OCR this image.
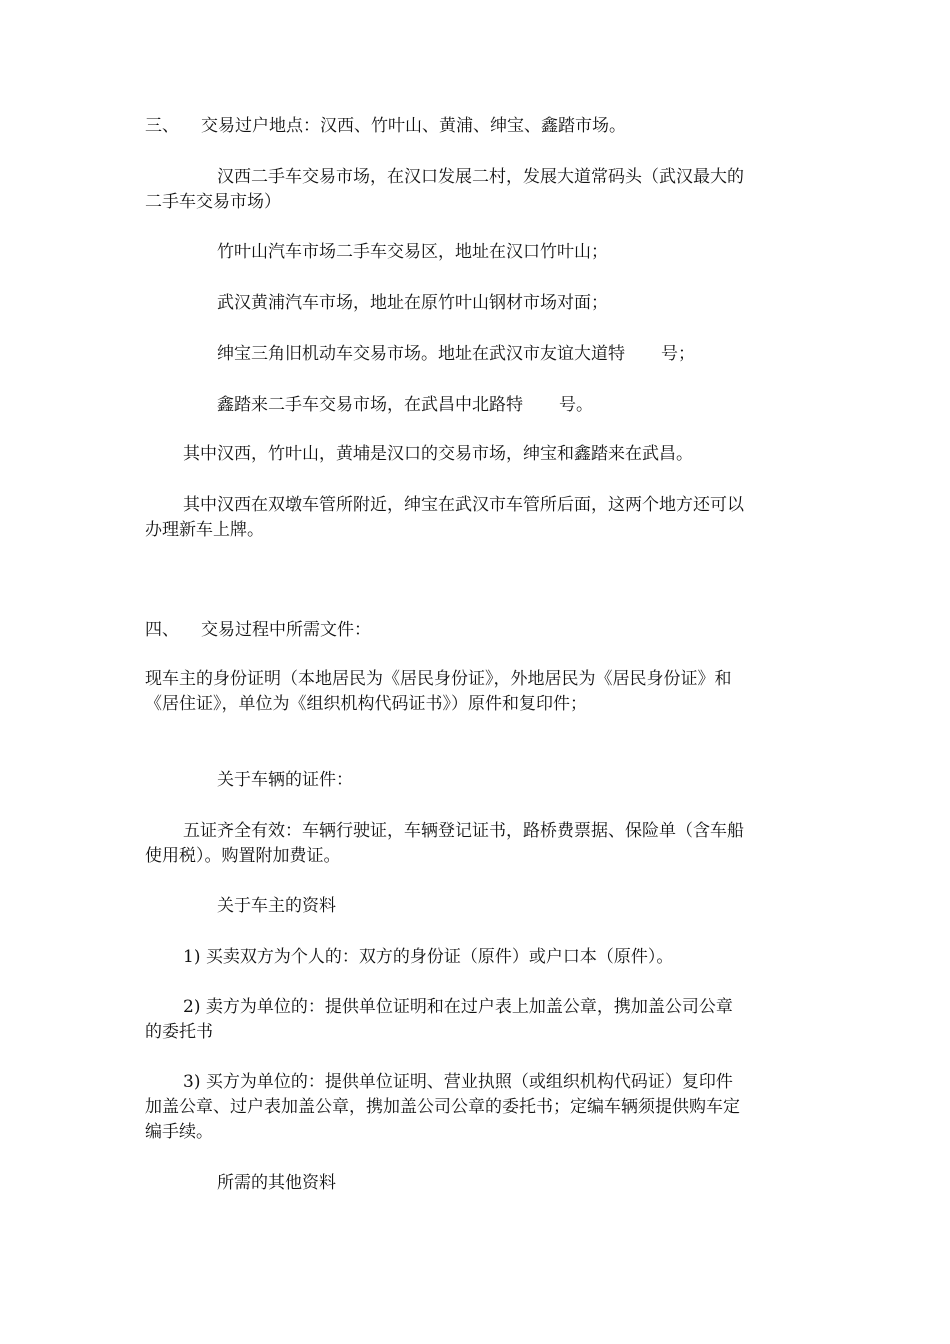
三、 交易过户地点：汉西、竹叶山、黄浦、绅宝、鑫踏市场。
汉西二手车交易市场，在汉口发展二村，发展大道常码头（武汉最大的
二手车交易市场）
竹叶山汽车市场二手车交易区，地址在汉口竹叶山；
武汉黄浦汽车市场，地址在原竹叶山钢材市场对面；
绅宝三角旧机动车交易市场。地址在武汉市友谊大道特 号；
鑫踏来二手车交易市场，在武昌中北路特 号。
其中汉西，竹叶山，黄埔是汉口的交易市场，绅宝和鑫踏来在武昌。
其中汉西在双墩车管所附近，绅宝在武汉市车管所后面，这两个地方还可以
办理新车上牌。
四、 交易过程中所需文件：
现车主的身份证明（本地居民为《居民身份证》，外地居民为《居民身份证》和
《居住证》，单位为《组织机构代码证书》）原件和复印件；
关于车辆的证件：
五证齐全有效：车辆行驶证，车辆登记证书，路桥费票据、保险单（含车船
使用税）。购置附加费证。
关于车主的资料
1) 买卖双方为个人的：双方的身份证（原件）或户口本（原件）。
2) 卖方为单位的：提供单位证明和在过户表上加盖公章，携加盖公司公章
的委托书
3) 买方为单位的：提供单位证明、营业执照（或组织机构代码证）复印件
加盖公章、过户表加盖公章，携加盖公司公章的委托书；定编车辆须提供购车定
编手续。
所需的其他资料
